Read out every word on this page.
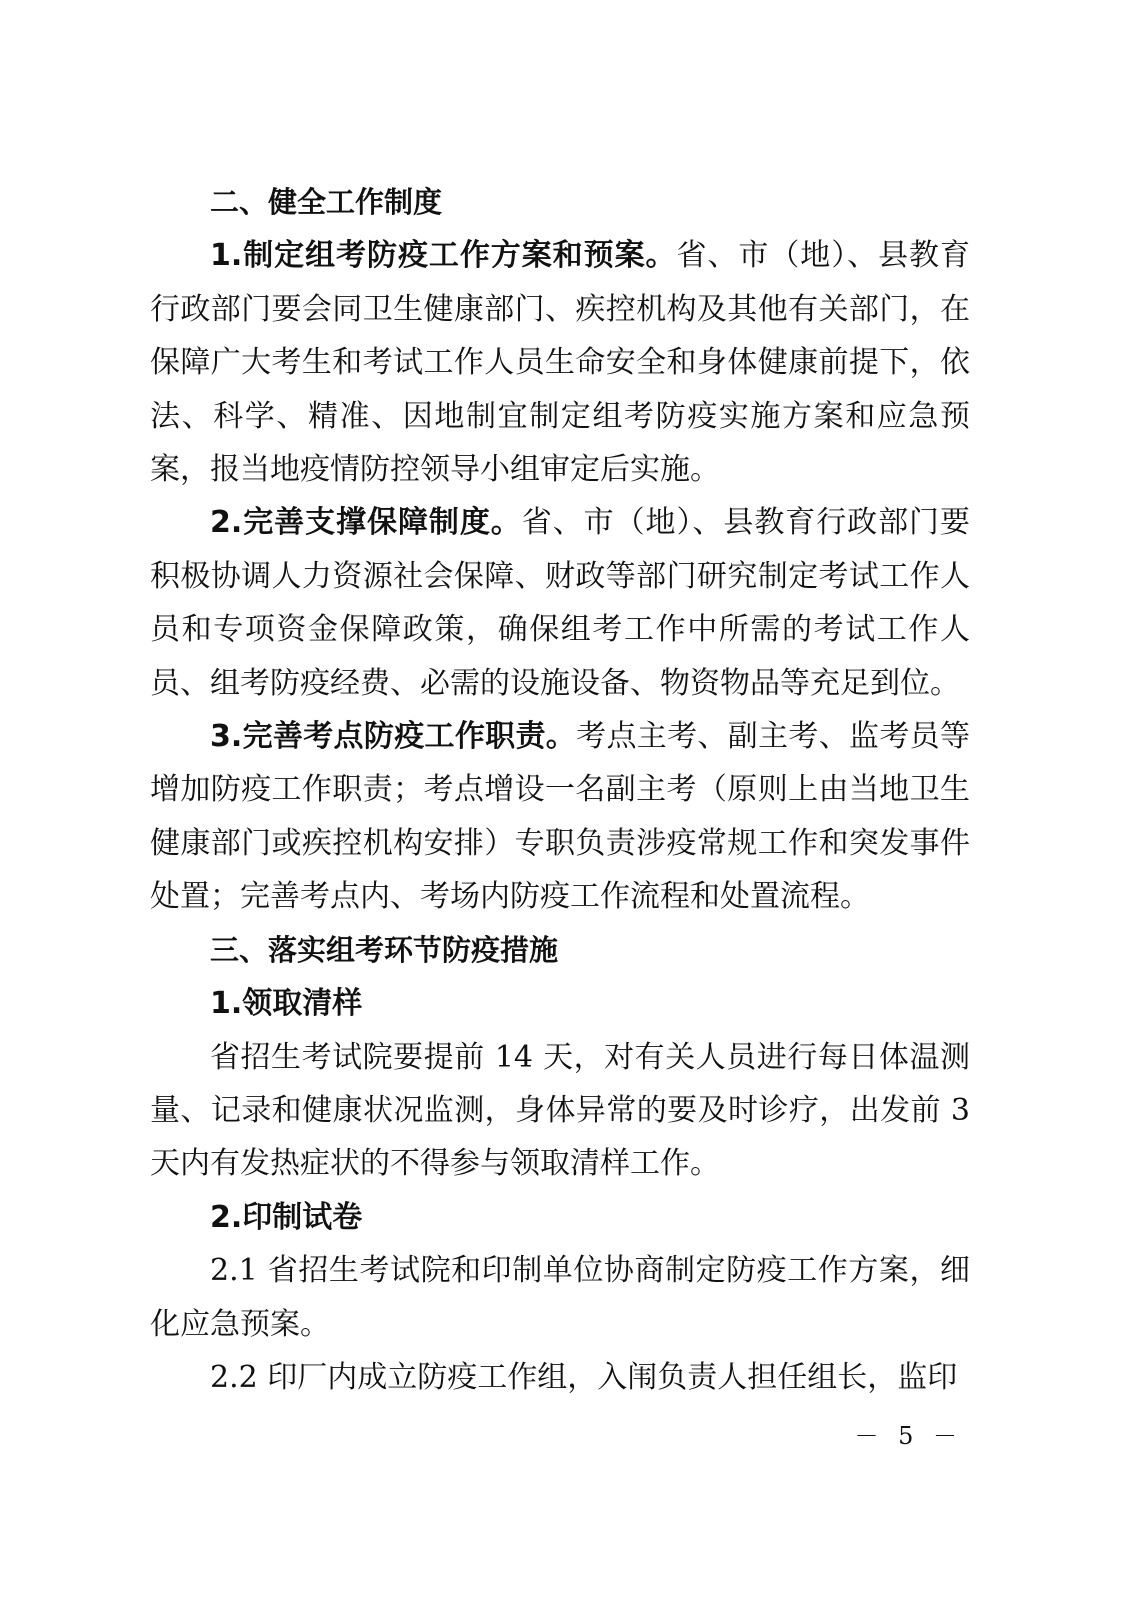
二、健全工作制度

1.制定组考防疫工作方案和预案。省、市（地）、县教育行政部门要会同卫生健康部门、疾控机构及其他有关部门，在保障广大考生和考试工作人员生命安全和身体健康前提下，依法、科学、精准、因地制宜制定组考防疫实施方案和应急预案，报当地疫情防控领导小组审定后实施。

2.完善支撑保障制度。省、市（地）、县教育行政部门要积极协调人力资源社会保障、财政等部门研究制定考试工作人员和专项资金保障政策，确保组考工作中所需的考试工作人员、组考防疫经费、必需的设施设备、物资物品等充足到位。

3.完善考点防疫工作职责。考点主考、副主考、监考员等增加防疫工作职责；考点增设一名副主考（原则上由当地卫生健康部门或疾控机构安排）专职负责涉疫常规工作和突发事件处置；完善考点内、考场内防疫工作流程和处置流程。

三、落实组考环节防疫措施

1.领取清样

省招生考试院要提前 14 天，对有关人员进行每日体温测量、记录和健康状况监测，身体异常的要及时诊疗，出发前 3 天内有发热症状的不得参与领取清样工作。

2.印制试卷

2.1 省招生考试院和印制单位协商制定防疫工作方案，细化应急预案。

2.2 印厂内成立防疫工作组，入闱负责人担任组长，监印

－ 5 －
